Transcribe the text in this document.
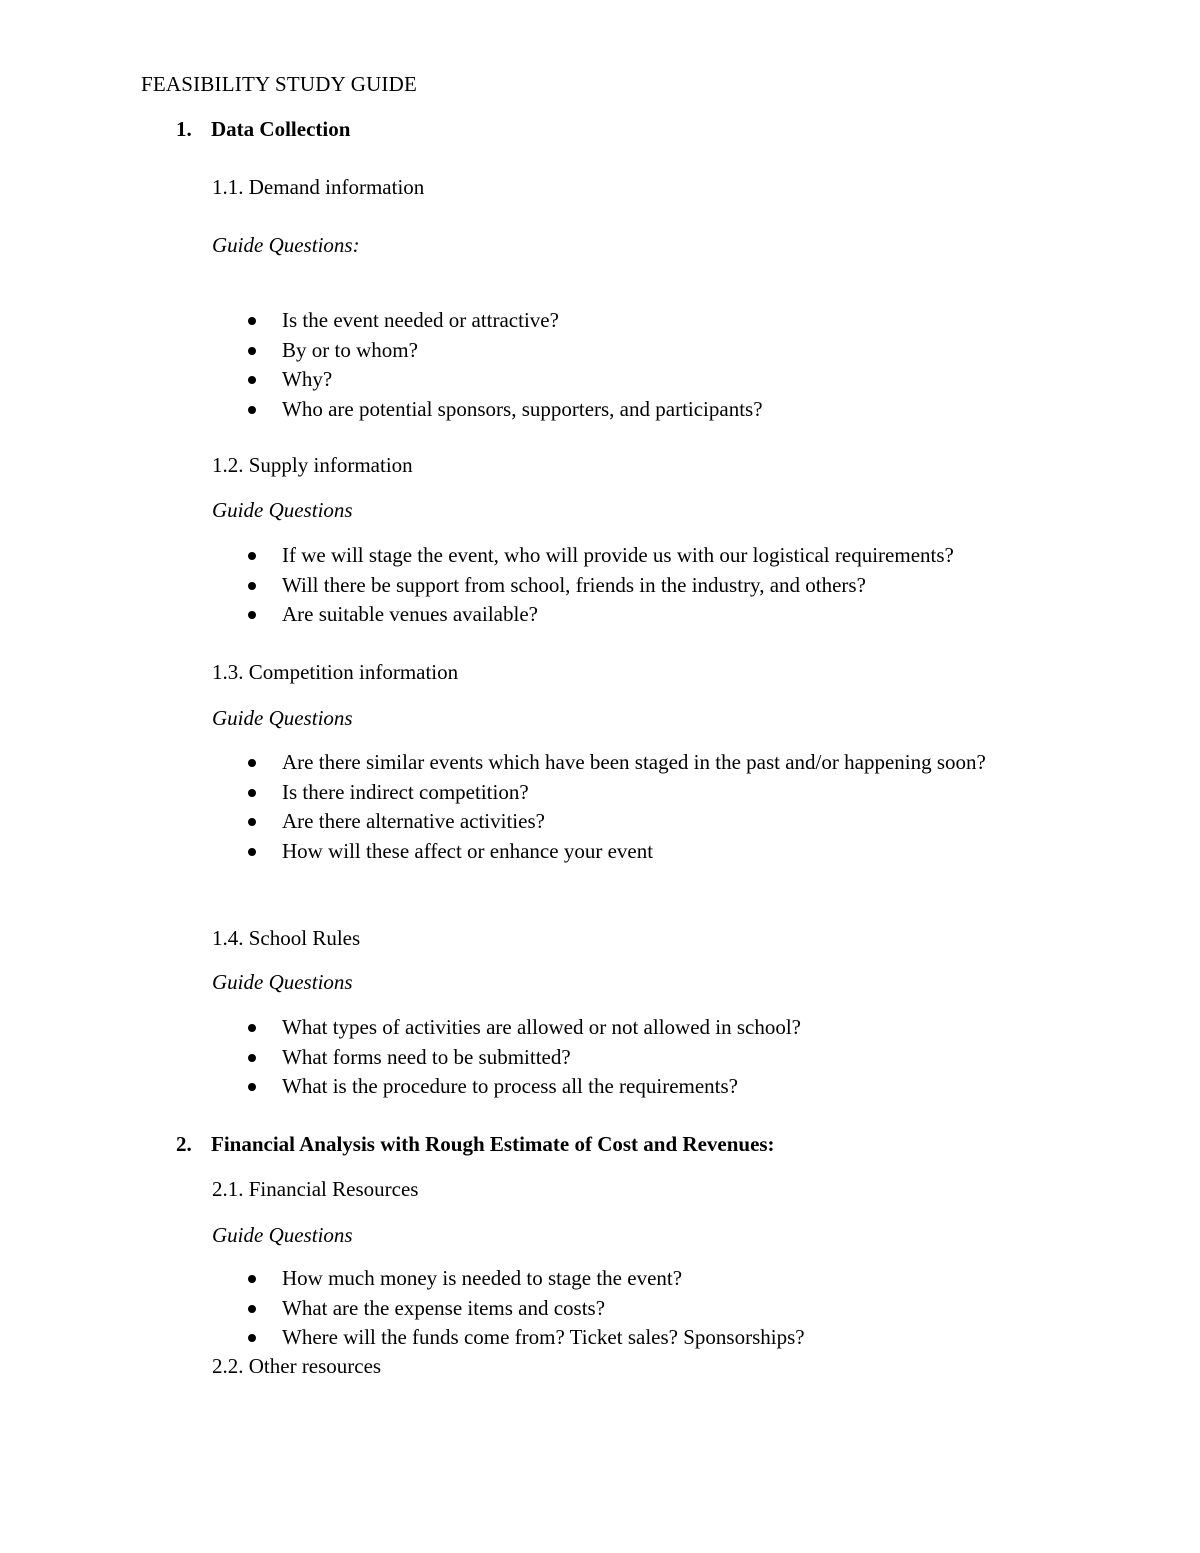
FEASIBILITY STUDY GUIDE
1. Data Collection
1.1. Demand information
Guide Questions:
Is the event needed or attractive?
By or to whom?
Why?
Who are potential sponsors, supporters, and participants?
1.2. Supply information
Guide Questions
If we will stage the event, who will provide us with our logistical requirements?
Will there be support from school, friends in the industry, and others?
Are suitable venues available?
1.3. Competition information
Guide Questions
Are there similar events which have been staged in the past and/or happening soon?
Is there indirect competition?
Are there alternative activities?
How will these affect or enhance your event
1.4. School Rules
Guide Questions
What types of activities are allowed or not allowed in school?
What forms need to be submitted?
What is the procedure to process all the requirements?
2. Financial Analysis with Rough Estimate of Cost and Revenues:
2.1. Financial Resources
Guide Questions
How much money is needed to stage the event?
What are the expense items and costs?
Where will the funds come from? Ticket sales? Sponsorships?
2.2. Other resources
